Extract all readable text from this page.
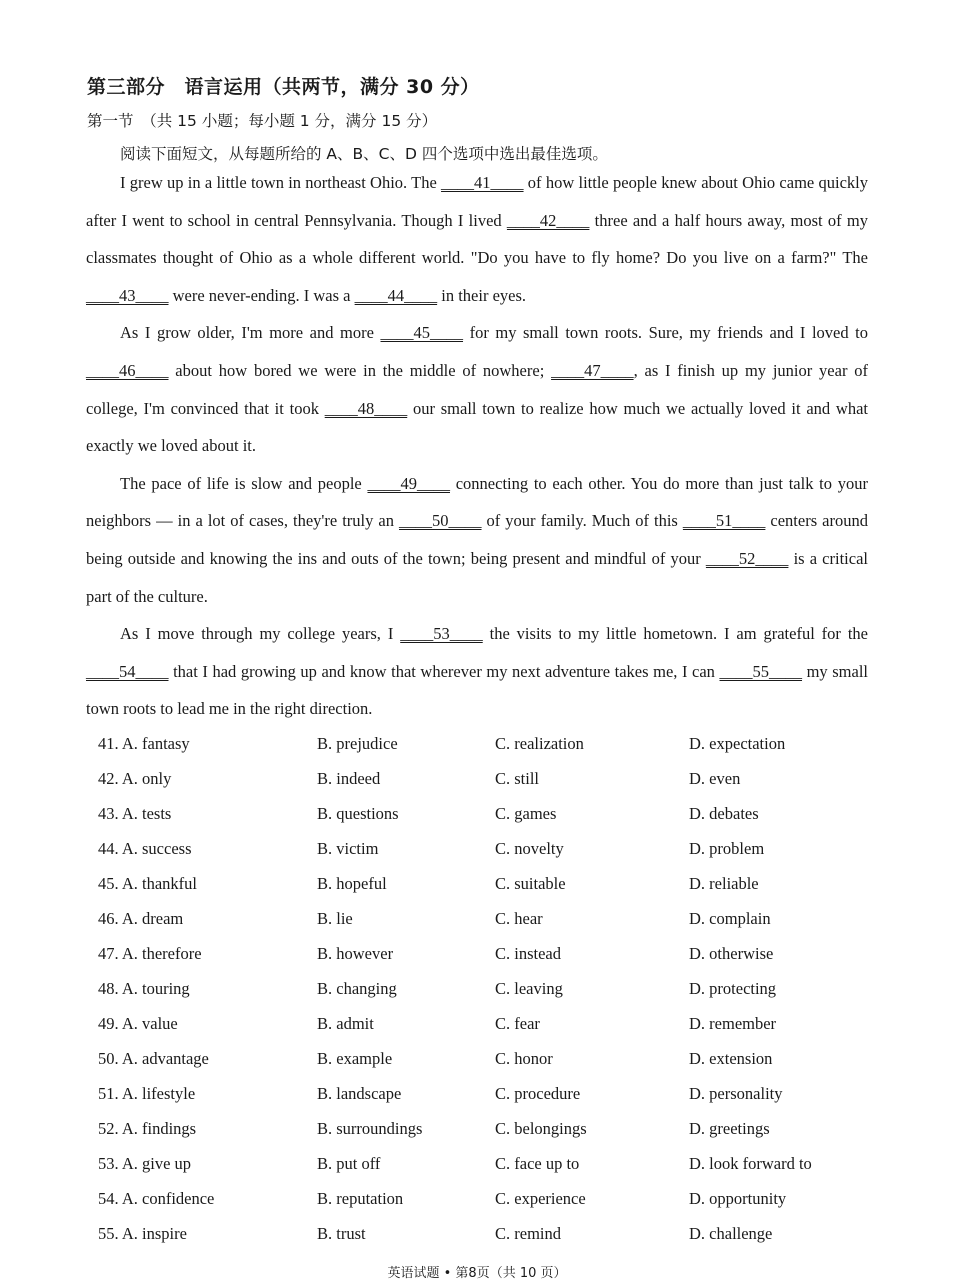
第三部分　语言运用（共两节，满分 30 分）
第一节　（共 15 小题；每小题 1 分，满分 15 分）
阅读下面短文，从每题所给的 A、B、C、D 四个选项中选出最佳选项。

I grew up in a little town in northeast Ohio. The ____41____ of how little people knew about Ohio came quickly after I went to school in central Pennsylvania. Though I lived ____42____ three and a half hours away, most of my classmates thought of Ohio as a whole different world. "Do you have to fly home? Do you live on a farm?" The ____43____ were never-ending. I was a ____44____ in their eyes.

As I grow older, I'm more and more ____45____ for my small town roots. Sure, my friends and I loved to ____46____ about how bored we were in the middle of nowhere; ____47____, as I finish up my junior year of college, I'm convinced that it took ____48____ our small town to realize how much we actually loved it and what exactly we loved about it.

The pace of life is slow and people ____49____ connecting to each other. You do more than just talk to your neighbors — in a lot of cases, they're truly an ____50____ of your family. Much of this ____51____ centers around being outside and knowing the ins and outs of the town; being present and mindful of your ____52____ is a critical part of the culture.

As I move through my college years, I ____53____ the visits to my little hometown. I am grateful for the ____54____ that I had growing up and know that wherever my next adventure takes me, I can ____55____ my small town roots to lead me in the right direction.

41. A. fantasy	B. prejudice	C. realization	D. expectation
42. A. only	B. indeed	C. still	D. even
43. A. tests	B. questions	C. games	D. debates
44. A. success	B. victim	C. novelty	D. problem
45. A. thankful	B. hopeful	C. suitable	D. reliable
46. A. dream	B. lie	C. hear	D. complain
47. A. therefore	B. however	C. instead	D. otherwise
48. A. touring	B. changing	C. leaving	D. protecting
49. A. value	B. admit	C. fear	D. remember
50. A. advantage	B. example	C. honor	D. extension
51. A. lifestyle	B. landscape	C. procedure	D. personality
52. A. findings	B. surroundings	C. belongings	D. greetings
53. A. give up	B. put off	C. face up to	D. look forward to
54. A. confidence	B. reputation	C. experience	D. opportunity
55. A. inspire	B. trust	C. remind	D. challenge
英语试题 • 第8页（共 10 页）
